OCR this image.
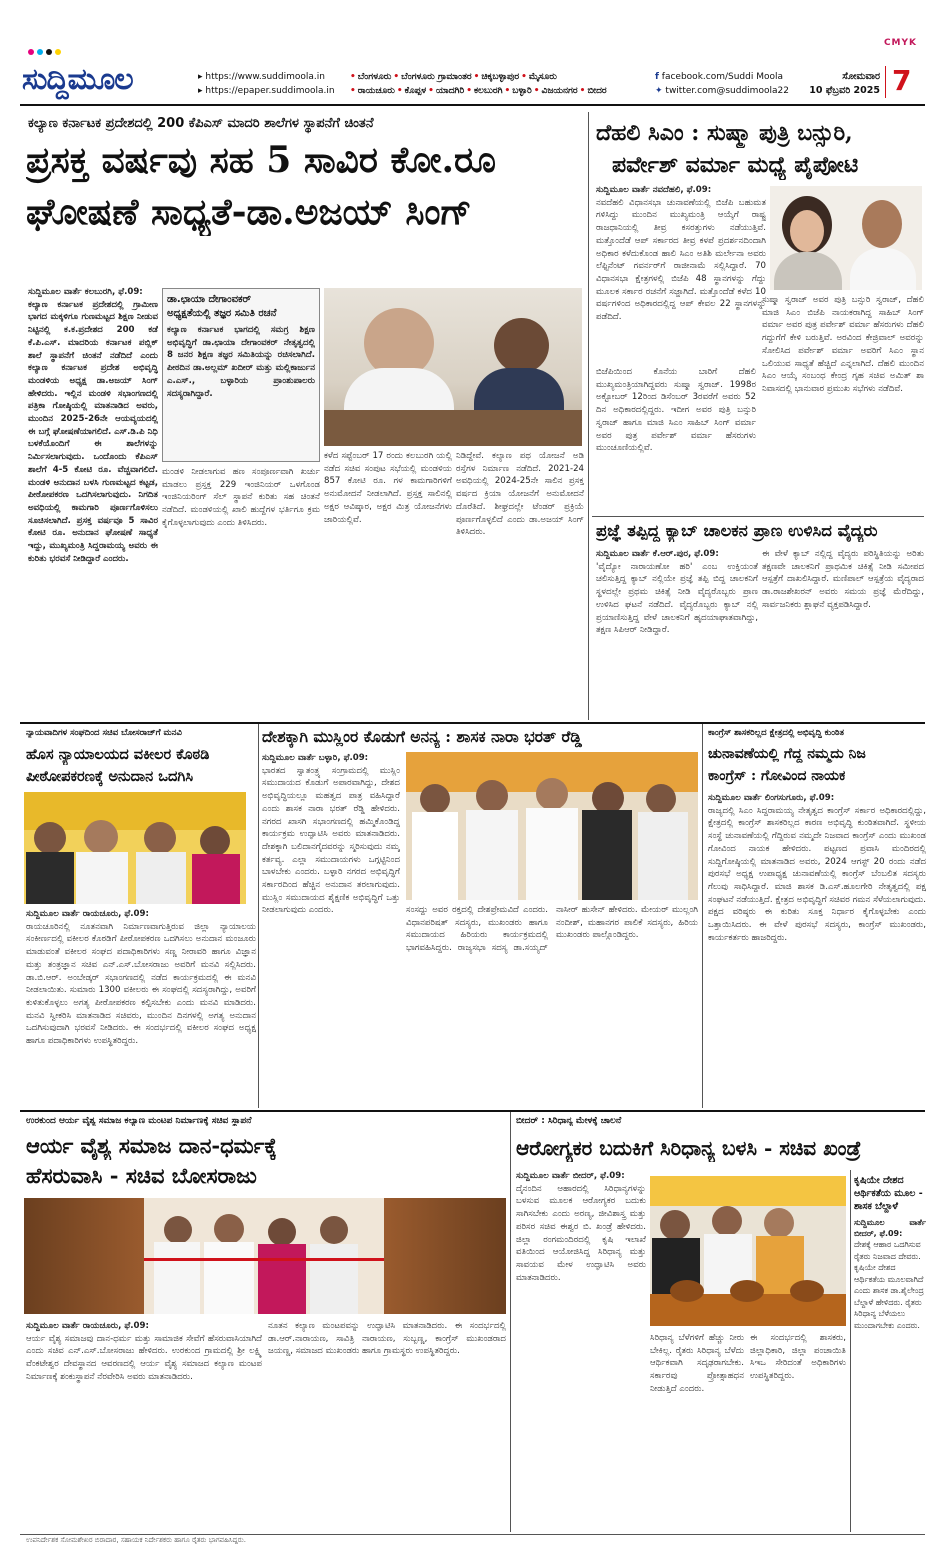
CMYK
ಸುದ್ದಿಮೂಲ	▸ https://www.suddimoola.in
▸ https://epaper.suddimoola.in
• ಬೆಂಗಳೂರು • ಬೆಂಗಳೂರು ಗ್ರಾಮಾಂತರ • ಚಿಕ್ಕಬಳ್ಳಾಪುರ • ಮೈಸೂರು
• ರಾಯಚೂರು • ಕೊಪ್ಪಳ • ಯಾದಗಿರಿ • ಕಲಬುರಗಿ • ಬಳ್ಳಾರಿ • ವಿಜಯನಗರ • ಬೀದರ
f facebook.com/Suddi Moola
✦ twitter.com@suddimoola22
ಸೋಮವಾರ
10 ಫೆಬ್ರವರಿ 2025 7
ಕಲ್ಯಾಣ ಕರ್ನಾಟಕ ಪ್ರದೇಶದಲ್ಲಿ 200 ಕೆಪಿಎಸ್ ಮಾದರಿ ಶಾಲೆಗಳ ಸ್ಥಾಪನೆಗೆ ಚಿಂತನೆ
ಪ್ರಸಕ್ತ ವರ್ಷವು ಸಹ 5 ಸಾವಿರ ಕೋ.ರೂ
ಘೋಷಣೆ ಸಾಧ್ಯತೆ-ಡಾ.ಅಜಯ್ ಸಿಂಗ್
ಸುದ್ದಿಮೂಲ ವಾರ್ತೆ ಕಲಬುರಗಿ, ಫೆ.09:
ಕಲ್ಯಾಣ ಕರ್ನಾಟಕ ಪ್ರದೇಶದಲ್ಲಿ ಗ್ರಾಮೀಣ ಭಾಗದ ಮಕ್ಕಳಿಗೂ ಗುಣಮಟ್ಟದ ಶಿಕ್ಷಣ ನೀಡುವ ನಿಟ್ಟಿನಲ್ಲಿ ಕ.ಕ.ಪ್ರದೇಶದ 200 ಕಡೆ ಕೆ.ಪಿ.ಎಸ್. ಮಾದರಿಯ ಕರ್ನಾಟಕ ಪಬ್ಲಿಕ್ ಶಾಲೆ ಸ್ಥಾಪನೆಗೆ ಚಿಂತನೆ ನಡೆದಿದೆ ಎಂದು ಕಲ್ಯಾಣ ಕರ್ನಾಟಕ ಪ್ರದೇಶ ಅಭಿವೃದ್ಧಿ ಮಂಡಳಿಯ ಅಧ್ಯಕ್ಷ ಡಾ.ಅಜಯ್ ಸಿಂಗ್ ಹೇಳಿದರು. ಇಲ್ಲಿನ ಮಂಡಳಿ ಸಭಾಂಗಣದಲ್ಲಿ ಪತ್ರಿಕಾ ಗೋಷ್ಠಿಯಲ್ಲಿ ಮಾತನಾಡಿದ ಅವರು, ಮುಂದಿನ 2025-26ನೇ ಆಯವ್ಯಯದಲ್ಲಿ ಈ ಬಗ್ಗೆ ಘೋಷಣೆಯಾಗಲಿದೆ. ಎಸ್.ಡಿ.ಪಿ ನಿಧಿ ಬಳಕೆಯೊಂದಿಗೆ ಈ ಶಾಲೆಗಳನ್ನು ನಿರ್ಮಿಸಲಾಗುವುದು. ಒಂದೊಂದು ಕೆಪಿಎಸ್ ಶಾಲೆಗೆ 4-5 ಕೋಟಿ ರೂ. ವೆಚ್ಚವಾಗಲಿದೆ. ಮಂಡಳಿ ಅನುದಾನ ಬಳಸಿ ಗುಣಮಟ್ಟದ ಕಟ್ಟಡ, ಪೀಠೋಪಕರಣ ಒದಗಿಸಲಾಗುವುದು. ನಿಗದಿತ ಅವಧಿಯಲ್ಲಿ ಕಾಮಗಾರಿ ಪೂರ್ಣಗೊಳಿಸಲು ಸೂಚಿಸಲಾಗಿದೆ. ಪ್ರಸಕ್ತ ವರ್ಷವೂ 5 ಸಾವಿರ ಕೋಟಿ ರೂ. ಅನುದಾನ ಘೋಷಣೆ ಸಾಧ್ಯತೆ ಇದ್ದು, ಮುಖ್ಯಮಂತ್ರಿ ಸಿದ್ದರಾಮಯ್ಯ ಅವರು ಈ ಕುರಿತು ಭರವಸೆ ನೀಡಿದ್ದಾರೆ ಎಂದರು.
ಡಾ.ಛಾಯಾ ದೇಗಾಂವಕರ್
ಅಧ್ಯಕ್ಷತೆಯಲ್ಲಿ ತಜ್ಞರ ಸಮಿತಿ ರಚನೆ
ಕಲ್ಯಾಣ ಕರ್ನಾಟಕ ಭಾಗದಲ್ಲಿ ಸಮಗ್ರ ಶಿಕ್ಷಣ ಅಭಿವೃದ್ಧಿಗೆ ಡಾ.ಛಾಯಾ ದೇಗಾಂವಕರ್ ನೇತೃತ್ವದಲ್ಲಿ 8 ಜನರ ಶಿಕ್ಷಣ ತಜ್ಞರ ಸಮಿತಿಯನ್ನು ರಚಿಸಲಾಗಿದೆ. ಪೀಠದಿನ ಡಾ.ಅಲ್ಲಮ್ ಖದೀರ್ ಮತ್ತು ಮಲ್ಲಿಕಾರ್ಜುನ ಎ.ಎಸ್., ಬಳ್ಳಾರಿಯ ಪ್ರಾಂಶುಪಾಲರು ಸದಸ್ಯರಾಗಿದ್ದಾರೆ.
ಮಂಡಳಿ ನೀಡಲಾಗುವ ಹಣ ಸಂಪೂರ್ಣವಾಗಿ ಖರ್ಚು ಮಾಡಲು ಪ್ರಸ್ತಕ್ತ 229 ಇಂಜಿನಿಯರ್ ಒಳಗೊಂಡ ಇಂಜಿನಿಯರಿಂಗ್ ಸೆಲ್ ಸ್ಥಾಪನೆ ಕುರಿತು ಸಹ ಚಿಂತನೆ ನಡೆದಿದೆ. ಮಂಡಳಿಯಲ್ಲಿ ಖಾಲಿ ಹುದ್ದೆಗಳ ಭರ್ತಿಗೂ ಕ್ರಮ ಕೈಗೊಳ್ಳಲಾಗುವುದು ಎಂದು ತಿಳಿಸಿದರು.
ಕಳೆದ ಸಪ್ಟೆಂಬರ್ 17 ರಂದು ಕಲಬುರಗಿ ಯಲ್ಲಿ ನಡೆದ ಸಚಿವ ಸಂಪುಟ ಸಭೆಯಲ್ಲಿ ಮಂಡಳಿಯ 857 ಕೋಟಿ ರೂ. ಗಳ ಕಾಮಗಾರಿಗಳಿಗೆ ಅನುಮೋದನೆ ನೀಡಲಾಗಿದೆ. ಪ್ರಸ್ತಕ್ತ ಸಾಲಿನಲ್ಲಿ ಅಕ್ಷರ ಆವಿಷ್ಕಾರ, ಅಕ್ಷರ ಮಿತ್ರ ಯೋಜನೆಗಳು ಜಾರಿಯಲ್ಲಿವೆ.
ನಿಡಿದ್ದೇವೆ. ಕಲ್ಯಾಣ ಪಥ ಯೋಜನೆ ಅಡಿ ರಸ್ತೆಗಳ ನಿರ್ಮಾಣ ನಡೆದಿದೆ. 2021-24 ಅವಧಿಯಲ್ಲಿ 2024-25ನೇ ಸಾಲಿನ ಪ್ರಸಕ್ತ ವರ್ಷದ ಕ್ರಿಯಾ ಯೋಜನೆಗೆ ಅನುಮೋದನೆ ದೊರೆತಿದೆ. ಶೀಘ್ರದಲ್ಲೇ ಟೆಂಡರ್ ಪ್ರಕ್ರಿಯೆ ಪೂರ್ಣಗೊಳ್ಳಲಿದೆ ಎಂದು ಡಾ.ಅಜಯ್ ಸಿಂಗ್ ತಿಳಿಸಿದರು.
ದೆಹಲಿ ಸಿಎಂ : ಸುಷ್ಮಾ ಪುತ್ರಿ ಬನ್ಸುರಿ,
ಪರ್ವೇಶ್ ವರ್ಮಾ ಮಧ್ಯೆ ಪೈಪೋಟಿ
ಸುದ್ದಿಮೂಲ ವಾರ್ತೆ ನವದೆಹಲಿ, ಫೆ.09:
ನವದೆಹಲಿ ವಿಧಾನಸಭಾ ಚುನಾವಣೆಯಲ್ಲಿ ಬಿಜೆಪಿ ಬಹುಮತ ಗಳಿಸಿದ್ದು ಮುಂದಿನ ಮುಖ್ಯಮಂತ್ರಿ ಆಯ್ಕೆಗೆ ರಾಷ್ಟ್ರ ರಾಜಧಾನಿಯಲ್ಲಿ ತೀವ್ರ ಕಸರತ್ತುಗಳು ನಡೆಯುತ್ತಿವೆ. ಮತ್ತೊಂದೆಡೆ ಆಪ್ ಸರ್ಕಾರದ ತೀವ್ರ ಕಳಪೆ ಪ್ರದರ್ಶನದಿಂದಾಗಿ ಅಧಿಕಾರ ಕಳೆದುಕೊಂಡ ಹಾಲಿ ಸಿಎಂ ಅತಿಶಿ ಮರ್ಲೇನಾ ಅವರು ಲೆಫ್ಟಿನೆಂಟ್ ಗವರ್ನರ್‌ಗೆ ರಾಜೀನಾಮೆ ಸಲ್ಲಿಸಿದ್ದಾರೆ. 70 ವಿಧಾನಸಭಾ ಕ್ಷೇತ್ರಗಳಲ್ಲಿ ಬಿಜೆಪಿ 48 ಸ್ಥಾನಗಳನ್ನು ಗೆದ್ದು ಮೂಲಕ ಸರ್ಕಾರ ರಚನೆಗೆ ಸಜ್ಜಾಗಿದೆ. ಮತ್ತೊಂದೆಡೆ ಕಳೆದ 10 ವರ್ಷಗಳಿಂದ ಅಧಿಕಾರದಲ್ಲಿದ್ದ ಆಪ್ ಕೇವಲ 22 ಸ್ಥಾನಗಳನ್ನು ಪಡೆದಿದೆ.
ಬಿಜೆಪಿಯಿಂದ ಕೊನೆಯ ಬಾರಿಗೆ ದೆಹಲಿ ಮುಖ್ಯಮಂತ್ರಿಯಾಗಿದ್ದವರು ಸುಷ್ಮಾ ಸ್ವರಾಜ್. 1998ರ ಅಕ್ಟೋಬರ್ 12ರಿಂದ ಡಿಸೆಂಬರ್ 3ರವರೆಗೆ ಅವರು 52 ದಿನ ಅಧಿಕಾರದಲ್ಲಿದ್ದರು. ಇದೀಗ ಅವರ ಪುತ್ರಿ ಬನ್ಸುರಿ ಸ್ವರಾಜ್ ಹಾಗೂ ಮಾಜಿ ಸಿಎಂ ಸಾಹಿಬ್ ಸಿಂಗ್ ವರ್ಮಾ ಅವರ ಪುತ್ರ ಪರ್ವೇಶ್ ವರ್ಮಾ ಹೆಸರುಗಳು ಮುಂಚೂಣಿಯಲ್ಲಿವೆ.
ಸುಷ್ಮಾ ಸ್ವರಾಜ್ ಅವರ ಪುತ್ರಿ ಬನ್ಸುರಿ ಸ್ವರಾಜ್, ದೆಹಲಿ ಮಾಜಿ ಸಿಎಂ ಬಿಜೆಪಿ ನಾಯಕರಾಗಿದ್ದ ಸಾಹಿಬ್ ಸಿಂಗ್ ವರ್ಮಾ ಅವರ ಪುತ್ರ ಪರ್ವೇಶ್ ವರ್ಮಾ ಹೆಸರುಗಳು ದೆಹಲಿ ಗದ್ದುಗೆಗೆ ಕೇಳಿ ಬರುತ್ತಿವೆ. ಅರವಿಂದ ಕೇಜ್ರಿವಾಲ್ ಅವರನ್ನು ಸೋಲಿಸಿದ ಪರ್ವೇಶ್ ವರ್ಮಾ ಅವರಿಗೆ ಸಿಎಂ ಸ್ಥಾನ ಒಲಿಯುವ ಸಾಧ್ಯತೆ ಹೆಚ್ಚಿದೆ ಎನ್ನಲಾಗಿದೆ. ದೆಹಲಿ ಮುಂದಿನ ಸಿಎಂ ಆಯ್ಕೆ ಸಂಬಂಧ ಕೇಂದ್ರ ಗೃಹ ಸಚಿವ ಅಮಿತ್ ಶಾ ನಿವಾಸದಲ್ಲಿ ಭಾನುವಾರ ಪ್ರಮುಖ ಸಭೆಗಳು ನಡೆದಿವೆ.
ಪ್ರಜ್ಞೆ ತಪ್ಪಿದ್ದ ಕ್ಯಾಬ್ ಚಾಲಕನ ಪ್ರಾಣ ಉಳಿಸಿದ ವೈದ್ಯರು
ಸುದ್ದಿಮೂಲ ವಾರ್ತೆ ಕೆ.ಆರ್.ಪುರ, ಫೆ.09:
'ವೈದ್ಯೋ ನಾರಾಯಣೋ ಹರಿ' ಎಂಬ ಉಕ್ತಿಯಂತೆ ಚಲಿಸುತ್ತಿದ್ದ ಕ್ಯಾಬ್ ನಲ್ಲಿಯೇ ಪ್ರಜ್ಞೆ ತಪ್ಪಿ ಬಿದ್ದ ಚಾಲಕನಿಗೆ ಸ್ಥಳದಲ್ಲೇ ಪ್ರಥಮ ಚಿಕಿತ್ಸೆ ನೀಡಿ ವೈದ್ಯರೊಬ್ಬರು ಪ್ರಾಣ ಉಳಿಸಿದ ಘಟನೆ ನಡೆದಿದೆ. ವೈದ್ಯರೊಬ್ಬರು ಕ್ಯಾಬ್ ನಲ್ಲಿ ಪ್ರಯಾಣಿಸುತ್ತಿದ್ದ ವೇಳೆ ಚಾಲಕನಿಗೆ ಹೃದಯಾಘಾತವಾಗಿದ್ದು, ತಕ್ಷಣ ಸಿಪಿಆರ್ ನೀಡಿದ್ದಾರೆ.
ಈ ವೇಳೆ ಕ್ಯಾಬ್ ನಲ್ಲಿದ್ದ ವೈದ್ಯರು ಪರಿಸ್ಥಿತಿಯನ್ನು ಅರಿತು ತಕ್ಷಣವೇ ಚಾಲಕನಿಗೆ ಪ್ರಾಥಮಿಕ ಚಿಕಿತ್ಸೆ ನೀಡಿ ಸಮೀಪದ ಆಸ್ಪತ್ರೆಗೆ ದಾಖಲಿಸಿದ್ದಾರೆ. ಮಣಿಪಾಲ್ ಆಸ್ಪತ್ರೆಯ ವೈದ್ಯರಾದ ಡಾ.ರಾಜಶೇಖರನ್ ಅವರು ಸಮಯ ಪ್ರಜ್ಞೆ ಮೆರೆದಿದ್ದು, ಸಾರ್ವಜನಿಕರು ಶ್ಲಾಘನೆ ವ್ಯಕ್ತಪಡಿಸಿದ್ದಾರೆ.
ನ್ಯಾಯವಾದಿಗಳ ಸಂಘದಿಂದ ಸಚಿವ ಬೋಸರಾಜ್‌ಗೆ ಮನವಿ
ಹೊಸ ನ್ಯಾಯಾಲಯದ ವಕೀಲರ ಕೊಠಡಿ
ಪೀಠೋಪಕರಣಕ್ಕೆ ಅನುದಾನ ಒದಗಿಸಿ
ಸುದ್ದಿಮೂಲ ವಾರ್ತೆ ರಾಯಚೂರು, ಫೆ.09:
ರಾಯಚೂರಿನಲ್ಲಿ ನೂತನವಾಗಿ ನಿರ್ಮಾಣವಾಗುತ್ತಿರುವ ಜಿಲ್ಲಾ ನ್ಯಾಯಾಲಯ ಸಂಕೀರ್ಣದಲ್ಲಿ ವಕೀಲರ ಕೊಠಡಿಗೆ ಪೀಠೋಪಕರಣ ಒದಗಿಸಲು ಅನುದಾನ ಮಂಜೂರು ಮಾಡುವಂತೆ ವಕೀಲರ ಸಂಘದ ಪದಾಧಿಕಾರಿಗಳು ಸಣ್ಣ ನೀರಾವರಿ ಹಾಗೂ ವಿಜ್ಞಾನ ಮತ್ತು ತಂತ್ರಜ್ಞಾನ ಸಚಿವ ಎನ್.ಎಸ್.ಬೋಸರಾಜು ಅವರಿಗೆ ಮನವಿ ಸಲ್ಲಿಸಿದರು. ಡಾ.ಬಿ.ಆರ್. ಅಂಬೇಡ್ಕರ್ ಸಭಾಂಗಣದಲ್ಲಿ ನಡೆದ ಕಾರ್ಯಕ್ರಮದಲ್ಲಿ ಈ ಮನವಿ ನೀಡಲಾಯಿತು. ಸುಮಾರು 1300 ವಕೀಲರು ಈ ಸಂಘದಲ್ಲಿ ಸದಸ್ಯರಾಗಿದ್ದು, ಅವರಿಗೆ ಕುಳಿತುಕೊಳ್ಳಲು ಅಗತ್ಯ ಪೀಠೋಪಕರಣ ಕಲ್ಪಿಸಬೇಕು ಎಂದು ಮನವಿ ಮಾಡಿದರು. ಮನವಿ ಸ್ವೀಕರಿಸಿ ಮಾತನಾಡಿದ ಸಚಿವರು, ಮುಂದಿನ ದಿನಗಳಲ್ಲಿ ಅಗತ್ಯ ಅನುದಾನ ಒದಗಿಸುವುದಾಗಿ ಭರವಸೆ ನೀಡಿದರು. ಈ ಸಂದರ್ಭದಲ್ಲಿ ವಕೀಲರ ಸಂಘದ ಅಧ್ಯಕ್ಷ ಹಾಗೂ ಪದಾಧಿಕಾರಿಗಳು ಉಪಸ್ಥಿತರಿದ್ದರು.
ದೇಶಕ್ಕಾಗಿ ಮುಸ್ಲಿಂರ ಕೊಡುಗೆ ಅನನ್ಯ : ಶಾಸಕ ನಾರಾ ಭರತ್ ರೆಡ್ಡಿ
ಸುದ್ದಿಮೂಲ ವಾರ್ತೆ ಬಳ್ಳಾರಿ, ಫೆ.09:
ಭಾರತದ ಸ್ವಾತಂತ್ರ್ಯ ಸಂಗ್ರಾಮದಲ್ಲಿ ಮುಸ್ಲಿಂ ಸಮುದಾಯದ ಕೊಡುಗೆ ಅಪಾರವಾಗಿದ್ದು, ದೇಶದ ಅಭಿವೃದ್ಧಿಯಲ್ಲೂ ಮಹತ್ವದ ಪಾತ್ರ ವಹಿಸಿದ್ದಾರೆ ಎಂದು ಶಾಸಕ ನಾರಾ ಭರತ್ ರೆಡ್ಡಿ ಹೇಳಿದರು. ನಗರದ ಖಾಸಗಿ ಸಭಾಂಗಣದಲ್ಲಿ ಹಮ್ಮಿಕೊಂಡಿದ್ದ ಕಾರ್ಯಕ್ರಮ ಉದ್ಘಾಟಿಸಿ ಅವರು ಮಾತನಾಡಿದರು. ದೇಶಕ್ಕಾಗಿ ಬಲಿದಾನಗೈದವರನ್ನು ಸ್ಮರಿಸುವುದು ನಮ್ಮ ಕರ್ತವ್ಯ. ಎಲ್ಲಾ ಸಮುದಾಯಗಳು ಒಗ್ಗಟ್ಟಿನಿಂದ ಬಾಳಬೇಕು ಎಂದರು. ಬಳ್ಳಾರಿ ನಗರದ ಅಭಿವೃದ್ಧಿಗೆ ಸರ್ಕಾರದಿಂದ ಹೆಚ್ಚಿನ ಅನುದಾನ ತರಲಾಗುವುದು. ಮುಸ್ಲಿಂ ಸಮುದಾಯದ ಶೈಕ್ಷಣಿಕ ಅಭಿವೃದ್ಧಿಗೆ ಒತ್ತು ನೀಡಲಾಗುವುದು ಎಂದರು.	ಸಂಸದ್ದು ಅವರ ರಕ್ತದಲ್ಲಿ ದೇಶಪ್ರೇಮವಿದೆ ಎಂದರು. ವಿಧಾನಪರಿಷತ್ ಸದಸ್ಯರು, ಮುಖಂಡರು ಹಾಗೂ ಸಮುದಾಯದ ಹಿರಿಯರು ಕಾರ್ಯಕ್ರಮದಲ್ಲಿ ಭಾಗವಹಿಸಿದ್ದರು. ರಾಜ್ಯಸಭಾ ಸದಸ್ಯ ಡಾ.ಸಯ್ಯದ್ ನಾಸೀರ್ ಹುಸೇನ್ ಹೇಳಿದರು. ಮೇಯರ್ ಮುಲ್ಲಂಗಿ ನಂದೀಶ್, ಮಹಾನಗರ ಪಾಲಿಕೆ ಸದಸ್ಯರು, ಹಿರಿಯ ಮುಖಂಡರು ಪಾಲ್ಗೊಂಡಿದ್ದರು.
ಕಾಂಗ್ರೆಸ್ ಶಾಸಕರಿಲ್ಲದ ಕ್ಷೇತ್ರದಲ್ಲಿ ಅಭಿವೃದ್ಧಿ ಕುಂಠಿತ
ಚುನಾವಣೆಯಲ್ಲಿ ಗೆದ್ದ ನಮ್ಮದು ನಿಜ
ಕಾಂಗ್ರೆಸ್ : ಗೋವಿಂದ ನಾಯಕ
ಸುದ್ದಿಮೂಲ ವಾರ್ತೆ ಲಿಂಗಸುಗೂರು, ಫೆ.09:
ರಾಜ್ಯದಲ್ಲಿ ಸಿಎಂ ಸಿದ್ದರಾಮಯ್ಯ ನೇತೃತ್ವದ ಕಾಂಗ್ರೆಸ್ ಸರ್ಕಾರ ಅಧಿಕಾರದಲ್ಲಿದ್ದು, ಕ್ಷೇತ್ರದಲ್ಲಿ ಕಾಂಗ್ರೆಸ್ ಶಾಸಕರಿಲ್ಲದ ಕಾರಣ ಅಭಿವೃದ್ಧಿ ಕುಂಠಿತವಾಗಿದೆ. ಸ್ಥಳೀಯ ಸಂಸ್ಥೆ ಚುನಾವಣೆಯಲ್ಲಿ ಗೆದ್ದಿರುವ ನಮ್ಮದೇ ನಿಜವಾದ ಕಾಂಗ್ರೆಸ್ ಎಂದು ಮುಖಂಡ ಗೋವಿಂದ ನಾಯಕ ಹೇಳಿದರು. ಪಟ್ಟಣದ ಪ್ರವಾಸಿ ಮಂದಿರದಲ್ಲಿ ಸುದ್ದಿಗೋಷ್ಠಿಯಲ್ಲಿ ಮಾತನಾಡಿದ ಅವರು, 2024 ಆಗಸ್ಟ್ 20 ರಂದು ನಡೆದ ಪುರಸಭೆ ಅಧ್ಯಕ್ಷ ಉಪಾಧ್ಯಕ್ಷ ಚುನಾವಣೆಯಲ್ಲಿ ಕಾಂಗ್ರೆಸ್ ಬೆಂಬಲಿತ ಸದಸ್ಯರು ಗೆಲುವು ಸಾಧಿಸಿದ್ದಾರೆ. ಮಾಜಿ ಶಾಸಕ ಡಿ.ಎಸ್.ಹೂಲಗೇರಿ ನೇತೃತ್ವದಲ್ಲಿ ಪಕ್ಷ ಸಂಘಟನೆ ನಡೆಯುತ್ತಿದೆ. ಕ್ಷೇತ್ರದ ಅಭಿವೃದ್ಧಿಗೆ ಸಚಿವರ ಗಮನ ಸೆಳೆಯಲಾಗುವುದು. ಪಕ್ಷದ ವರಿಷ್ಠರು ಈ ಕುರಿತು ಸೂಕ್ತ ನಿರ್ಧಾರ ಕೈಗೊಳ್ಳಬೇಕು ಎಂದು ಒತ್ತಾಯಿಸಿದರು. ಈ ವೇಳೆ ಪುರಸಭೆ ಸದಸ್ಯರು, ಕಾಂಗ್ರೆಸ್ ಮುಖಂಡರು, ಕಾರ್ಯಕರ್ತರು ಹಾಜರಿದ್ದರು.
ಉರಕುಂದ ಆರ್ಯ ವೈಶ್ಯ ಸಮಾಜ ಕಲ್ಯಾಣ ಮಂಟಪ ನಿರ್ಮಾಣಕ್ಕೆ ಸಚಿವ ಸ್ಥಾಪನೆ
ಆರ್ಯ ವೈಶ್ಯ ಸಮಾಜ ದಾನ-ಧರ್ಮಕ್ಕೆ
ಹೆಸರುವಾಸಿ - ಸಚಿವ ಬೋಸರಾಜು
ಸುದ್ದಿಮೂಲ ವಾರ್ತೆ ರಾಯಚೂರು, ಫೆ.09:
ಆರ್ಯ ವೈಶ್ಯ ಸಮಾಜವು ದಾನ-ಧರ್ಮ ಮತ್ತು ಸಾಮಾಜಿಕ ಸೇವೆಗೆ ಹೆಸರುವಾಸಿಯಾಗಿದೆ ಎಂದು ಸಚಿವ ಎನ್.ಎಸ್.ಬೋಸರಾಜು ಹೇಳಿದರು. ಉರಕುಂದ ಗ್ರಾಮದಲ್ಲಿ ಶ್ರೀ ಲಕ್ಷ್ಮಿ ವೆಂಕಟೇಶ್ವರ ದೇವಸ್ಥಾನದ ಆವರಣದಲ್ಲಿ ಆರ್ಯ ವೈಶ್ಯ ಸಮಾಜದ ಕಲ್ಯಾಣ ಮಂಟಪ ನಿರ್ಮಾಣಕ್ಕೆ ಶಂಕುಸ್ಥಾಪನೆ ನೆರವೇರಿಸಿ ಅವರು ಮಾತನಾಡಿದರು.
ನೂತನ ಕಲ್ಯಾಣ ಮಂಟಪವನ್ನು ಉದ್ಘಾಟಿಸಿ ಮಾತನಾಡಿದರು. ಈ ಸಂದರ್ಭದಲ್ಲಿ ಡಾ.ಆರ್.ನಾರಾಯಣ, ಸಾವಿತ್ರಿ ನಾರಾಯಣ, ಸುಬ್ಬಣ್ಣ, ಕಾಂಗ್ರೆಸ್ ಮುಖಂಡರಾದ ಜಯಣ್ಣ, ಸಮಾಜದ ಮುಖಂಡರು ಹಾಗೂ ಗ್ರಾಮಸ್ಥರು ಉಪಸ್ಥಿತರಿದ್ದರು.
ಬೀದರ್ : ಸಿರಿಧಾನ್ಯ ಮೇಳಕ್ಕೆ ಚಾಲನೆ
ಆರೋಗ್ಯಕರ ಬದುಕಿಗೆ ಸಿರಿಧಾನ್ಯ ಬಳಸಿ - ಸಚಿವ ಖಂಡ್ರೆ
ಸುದ್ದಿಮೂಲ ವಾರ್ತೆ ಬೀದರ್, ಫೆ.09:
ದೈನಂದಿನ ಆಹಾರದಲ್ಲಿ ಸಿರಿಧಾನ್ಯಗಳನ್ನು ಬಳಸುವ ಮೂಲಕ ಆರೋಗ್ಯಕರ ಬದುಕು ಸಾಗಿಸಬೇಕು ಎಂದು ಅರಣ್ಯ, ಜೀವಿಶಾಸ್ತ್ರ ಮತ್ತು ಪರಿಸರ ಸಚಿವ ಈಶ್ವರ ಬಿ. ಖಂಡ್ರೆ ಹೇಳಿದರು. ಜಿಲ್ಲಾ ರಂಗಮಂದಿರದಲ್ಲಿ ಕೃಷಿ ಇಲಾಖೆ ವತಿಯಿಂದ ಆಯೋಜಿಸಿದ್ದ ಸಿರಿಧಾನ್ಯ ಮತ್ತು ಸಾವಯವ ಮೇಳ ಉದ್ಘಾಟಿಸಿ ಅವರು ಮಾತನಾಡಿದರು.
ಸಿರಿಧಾನ್ಯ ಬೆಳೆಗಳಿಗೆ ಹೆಚ್ಚು ನೀರು ಬೇಕಿಲ್ಲ. ರೈತರು ಸಿರಿಧಾನ್ಯ ಬೆಳೆದು ಆರ್ಥಿಕವಾಗಿ ಸದೃಢರಾಗಬೇಕು. ಸರ್ಕಾರವು ಪ್ರೋತ್ಸಾಹಧನ ನೀಡುತ್ತಿದೆ ಎಂದರು.
ಈ ಸಂದರ್ಭದಲ್ಲಿ ಶಾಸಕರು, ಜಿಲ್ಲಾಧಿಕಾರಿ, ಜಿಲ್ಲಾ ಪಂಚಾಯಿತಿ ಸಿಇಒ ಸೇರಿದಂತೆ ಅಧಿಕಾರಿಗಳು ಉಪಸ್ಥಿತರಿದ್ದರು.
ಕೃಷಿಯೇ ದೇಶದ ಆರ್ಥಿಕತೆಯ ಮೂಲ - ಶಾಸಕ ಬೆಲ್ದಾಳೆ
ಸುದ್ದಿಮೂಲ ವಾರ್ತೆ ಬೀದರ್, ಫೆ.09:
ದೇಶಕ್ಕೆ ಆಹಾರ ಒದಗಿಸುವ ರೈತರು ನಿಜವಾದ ದೇವರು. ಕೃಷಿಯೇ ದೇಶದ ಆರ್ಥಿಕತೆಯ ಮೂಲವಾಗಿದೆ ಎಂದು ಶಾಸಕ ಡಾ.ಶೈಲೇಂದ್ರ ಬೆಲ್ದಾಳೆ ಹೇಳಿದರು. ರೈತರು ಸಿರಿಧಾನ್ಯ ಬೆಳೆಯಲು ಮುಂದಾಗಬೇಕು ಎಂದರು.
ಉಪನಿರ್ದೇಶಕ ಸೋಮಶೇಖರ ಬಿರಾದಾರ, ಸಹಾಯಕ ನಿರ್ದೇಶಕರು ಹಾಗೂ ರೈತರು ಭಾಗವಹಿಸಿದ್ದರು.
